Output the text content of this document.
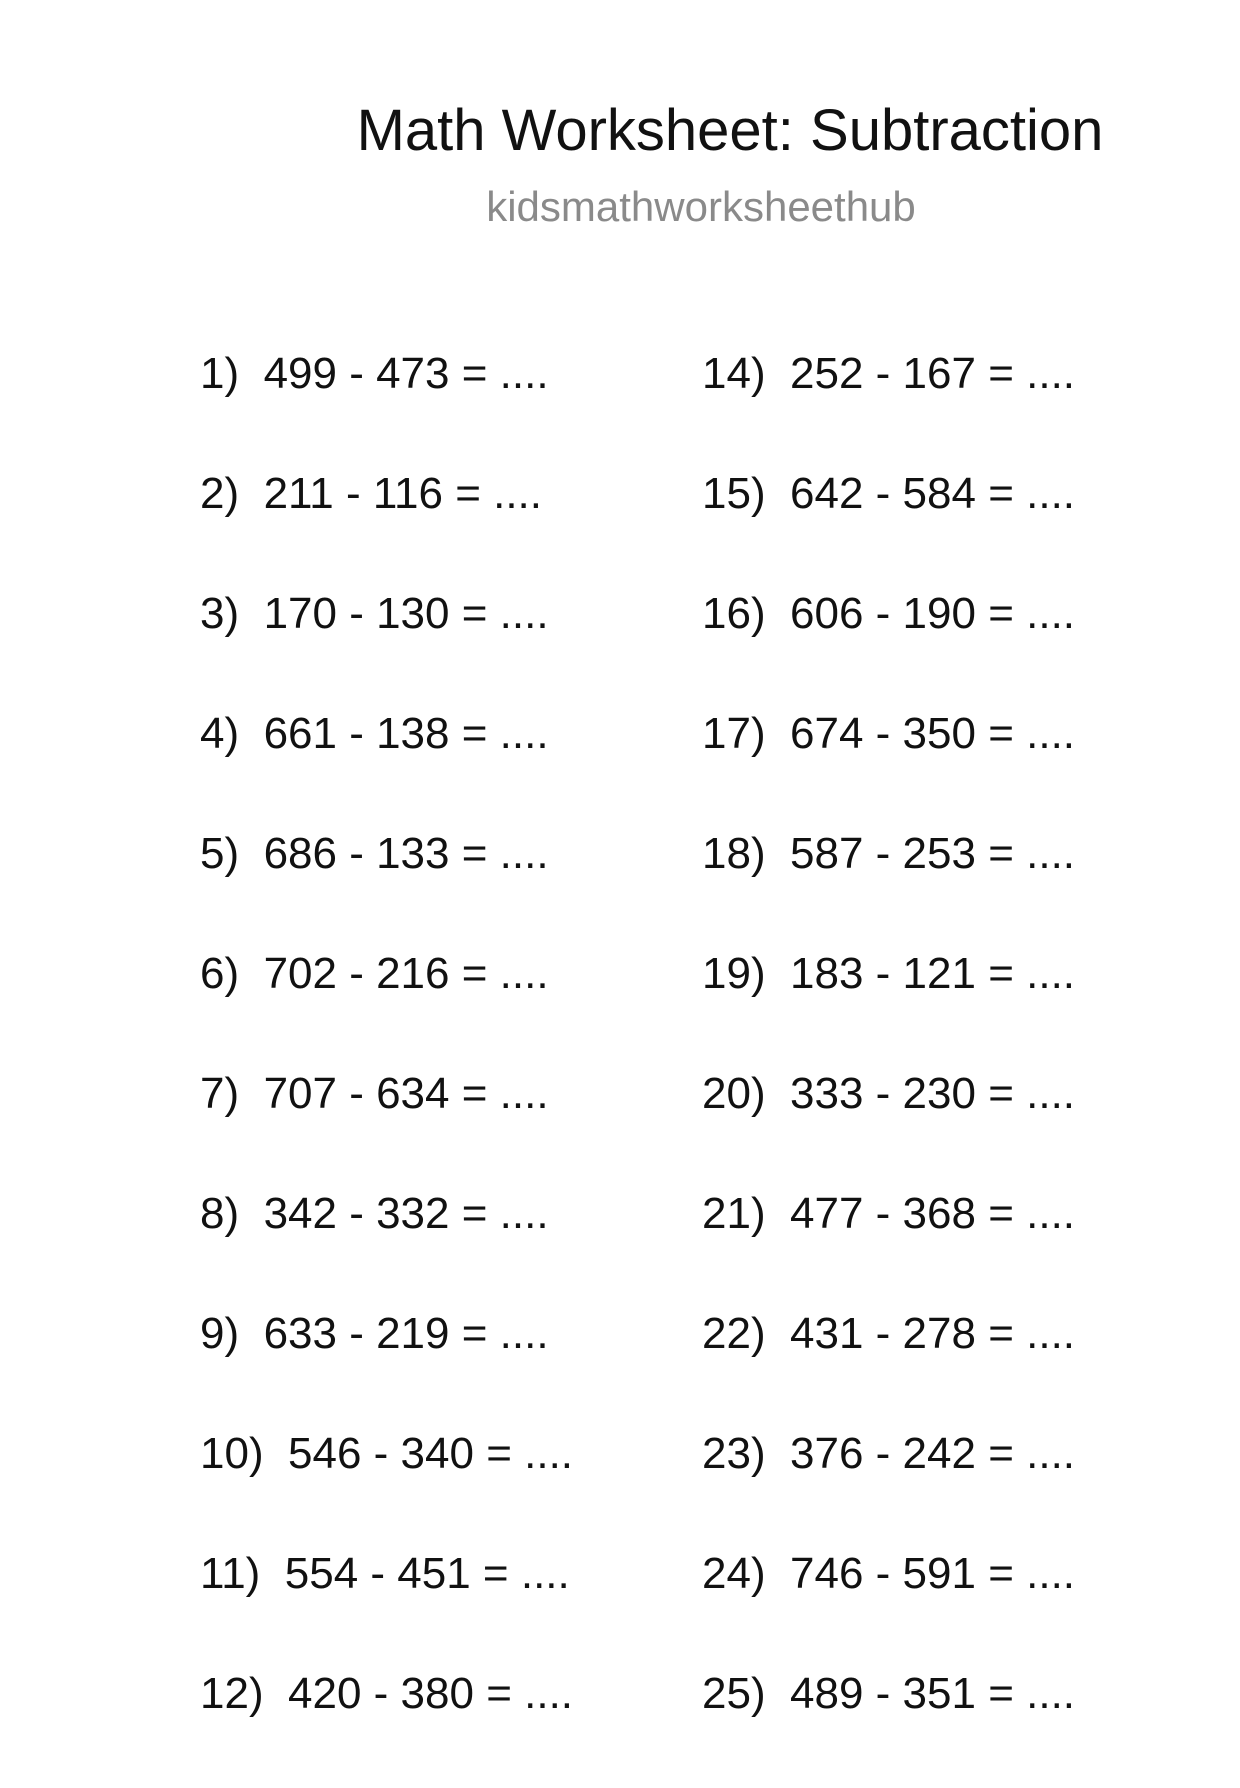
Math Worksheet: Subtraction
kidsmathworksheethub
1)  499 - 473 = ....
2)  211 - 116 = ....
3)  170 - 130 = ....
4)  661 - 138 = ....
5)  686 - 133 = ....
6)  702 - 216 = ....
7)  707 - 634 = ....
8)  342 - 332 = ....
9)  633 - 219 = ....
10)  546 - 340 = ....
11)  554 - 451 = ....
12)  420 - 380 = ....
14)  252 - 167 = ....
15)  642 - 584 = ....
16)  606 - 190 = ....
17)  674 - 350 = ....
18)  587 - 253 = ....
19)  183 - 121 = ....
20)  333 - 230 = ....
21)  477 - 368 = ....
22)  431 - 278 = ....
23)  376 - 242 = ....
24)  746 - 591 = ....
25)  489 - 351 = ....
